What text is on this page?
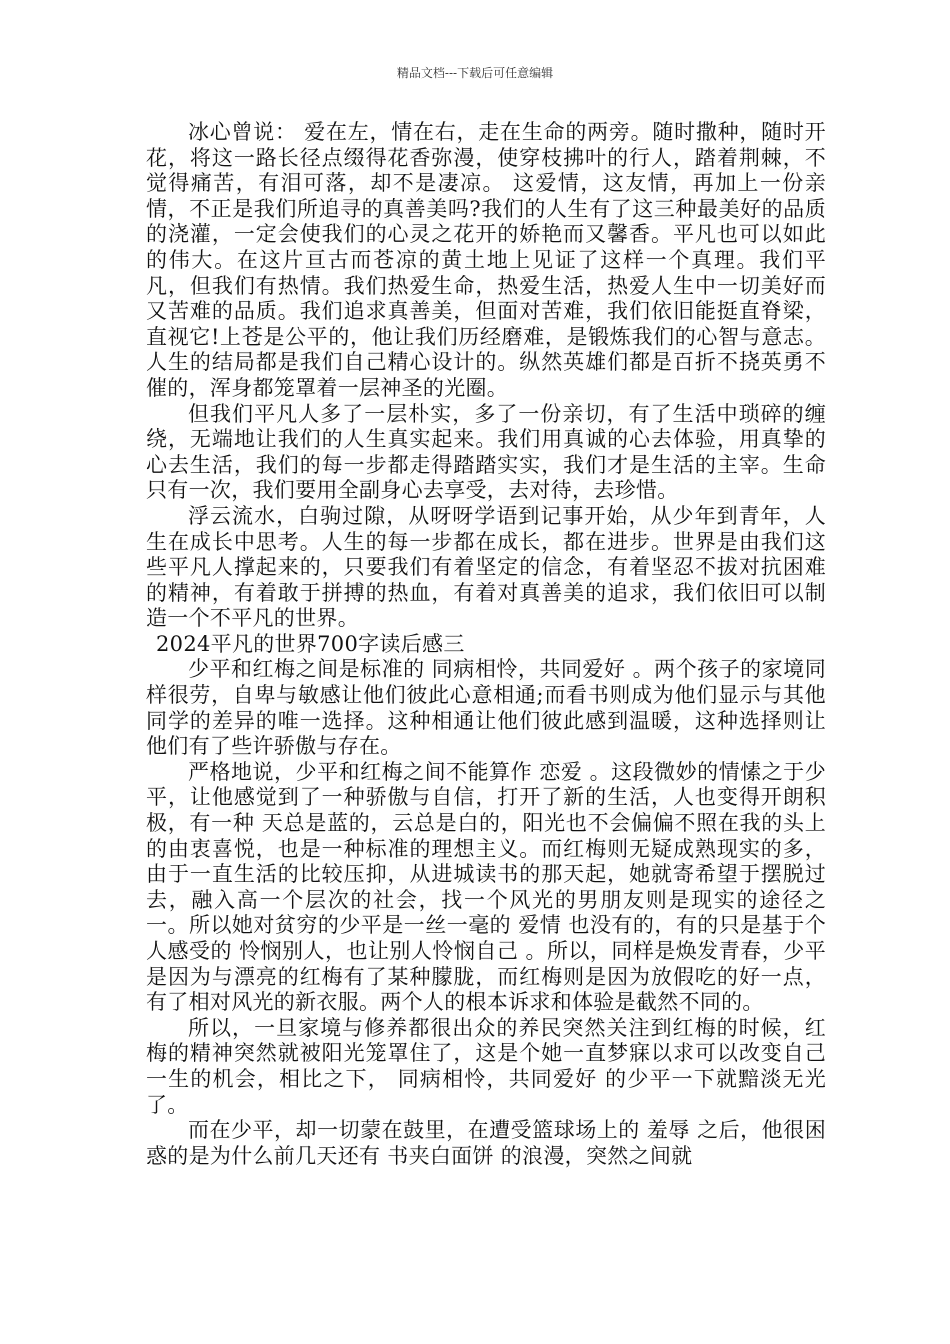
精品文档---下载后可任意编辑

冰心曾说： 爱在左，情在右，走在生命的两旁。随时撒种，随时开花，将这一路长径点缀得花香弥漫，使穿枝拂叶的行人，踏着荆棘，不觉得痛苦，有泪可落，却不是凄凉。 这爱情，这友情，再加上一份亲情，不正是我们所追寻的真善美吗?我们的人生有了这三种最美好的品质的浇灌，一定会使我们的心灵之花开的娇艳而又馨香。平凡也可以如此的伟大。在这片亘古而苍凉的黄土地上见证了这样一个真理。我们平凡，但我们有热情。我们热爱生命，热爱生活，热爱人生中一切美好而又苦难的品质。我们追求真善美，但面对苦难，我们依旧能挺直脊梁，直视它!上苍是公平的，他让我们历经磨难，是锻炼我们的心智与意志。人生的结局都是我们自己精心设计的。纵然英雄们都是百折不挠英勇不催的，浑身都笼罩着一层神圣的光圈。

但我们平凡人多了一层朴实，多了一份亲切，有了生活中琐碎的缠绕，无端地让我们的人生真实起来。我们用真诚的心去体验，用真挚的心去生活，我们的每一步都走得踏踏实实，我们才是生活的主宰。生命只有一次，我们要用全副身心去享受，去对待，去珍惜。

浮云流水，白驹过隙，从呀呀学语到记事开始，从少年到青年，人生在成长中思考。人生的每一步都在成长，都在进步。世界是由我们这些平凡人撑起来的，只要我们有着坚定的信念，有着坚忍不拔对抗困难的精神，有着敢于拼搏的热血，有着对真善美的追求，我们依旧可以制造一个不平凡的世界。

2024平凡的世界700字读后感三

少平和红梅之间是标准的 同病相怜，共同爱好 。两个孩子的家境同样很劳，自卑与敏感让他们彼此心意相通;而看书则成为他们显示与其他同学的差异的唯一选择。这种相通让他们彼此感到温暖，这种选择则让他们有了些许骄傲与存在。

严格地说，少平和红梅之间不能算作 恋爱 。这段微妙的情愫之于少平，让他感觉到了一种骄傲与自信，打开了新的生活，人也变得开朗积极，有一种 天总是蓝的，云总是白的，阳光也不会偏偏不照在我的头上 的由衷喜悦，也是一种标准的理想主义。而红梅则无疑成熟现实的多，由于一直生活的比较压抑，从进城读书的那天起，她就寄希望于摆脱过去，融入高一个层次的社会，找一个风光的男朋友则是现实的途径之一。所以她对贫穷的少平是一丝一毫的 爱情 也没有的，有的只是基于个人感受的 怜悯别人，也让别人怜悯自己 。所以，同样是焕发青春，少平是因为与漂亮的红梅有了某种朦胧，而红梅则是因为放假吃的好一点，有了相对风光的新衣服。两个人的根本诉求和体验是截然不同的。

所以，一旦家境与修养都很出众的养民突然关注到红梅的时候，红梅的精神突然就被阳光笼罩住了，这是个她一直梦寐以求可以改变自己一生的机会，相比之下， 同病相怜，共同爱好 的少平一下就黯淡无光了。

而在少平，却一切蒙在鼓里，在遭受篮球场上的 羞辱 之后，他很困惑的是为什么前几天还有 书夹白面饼 的浪漫，突然之间就
